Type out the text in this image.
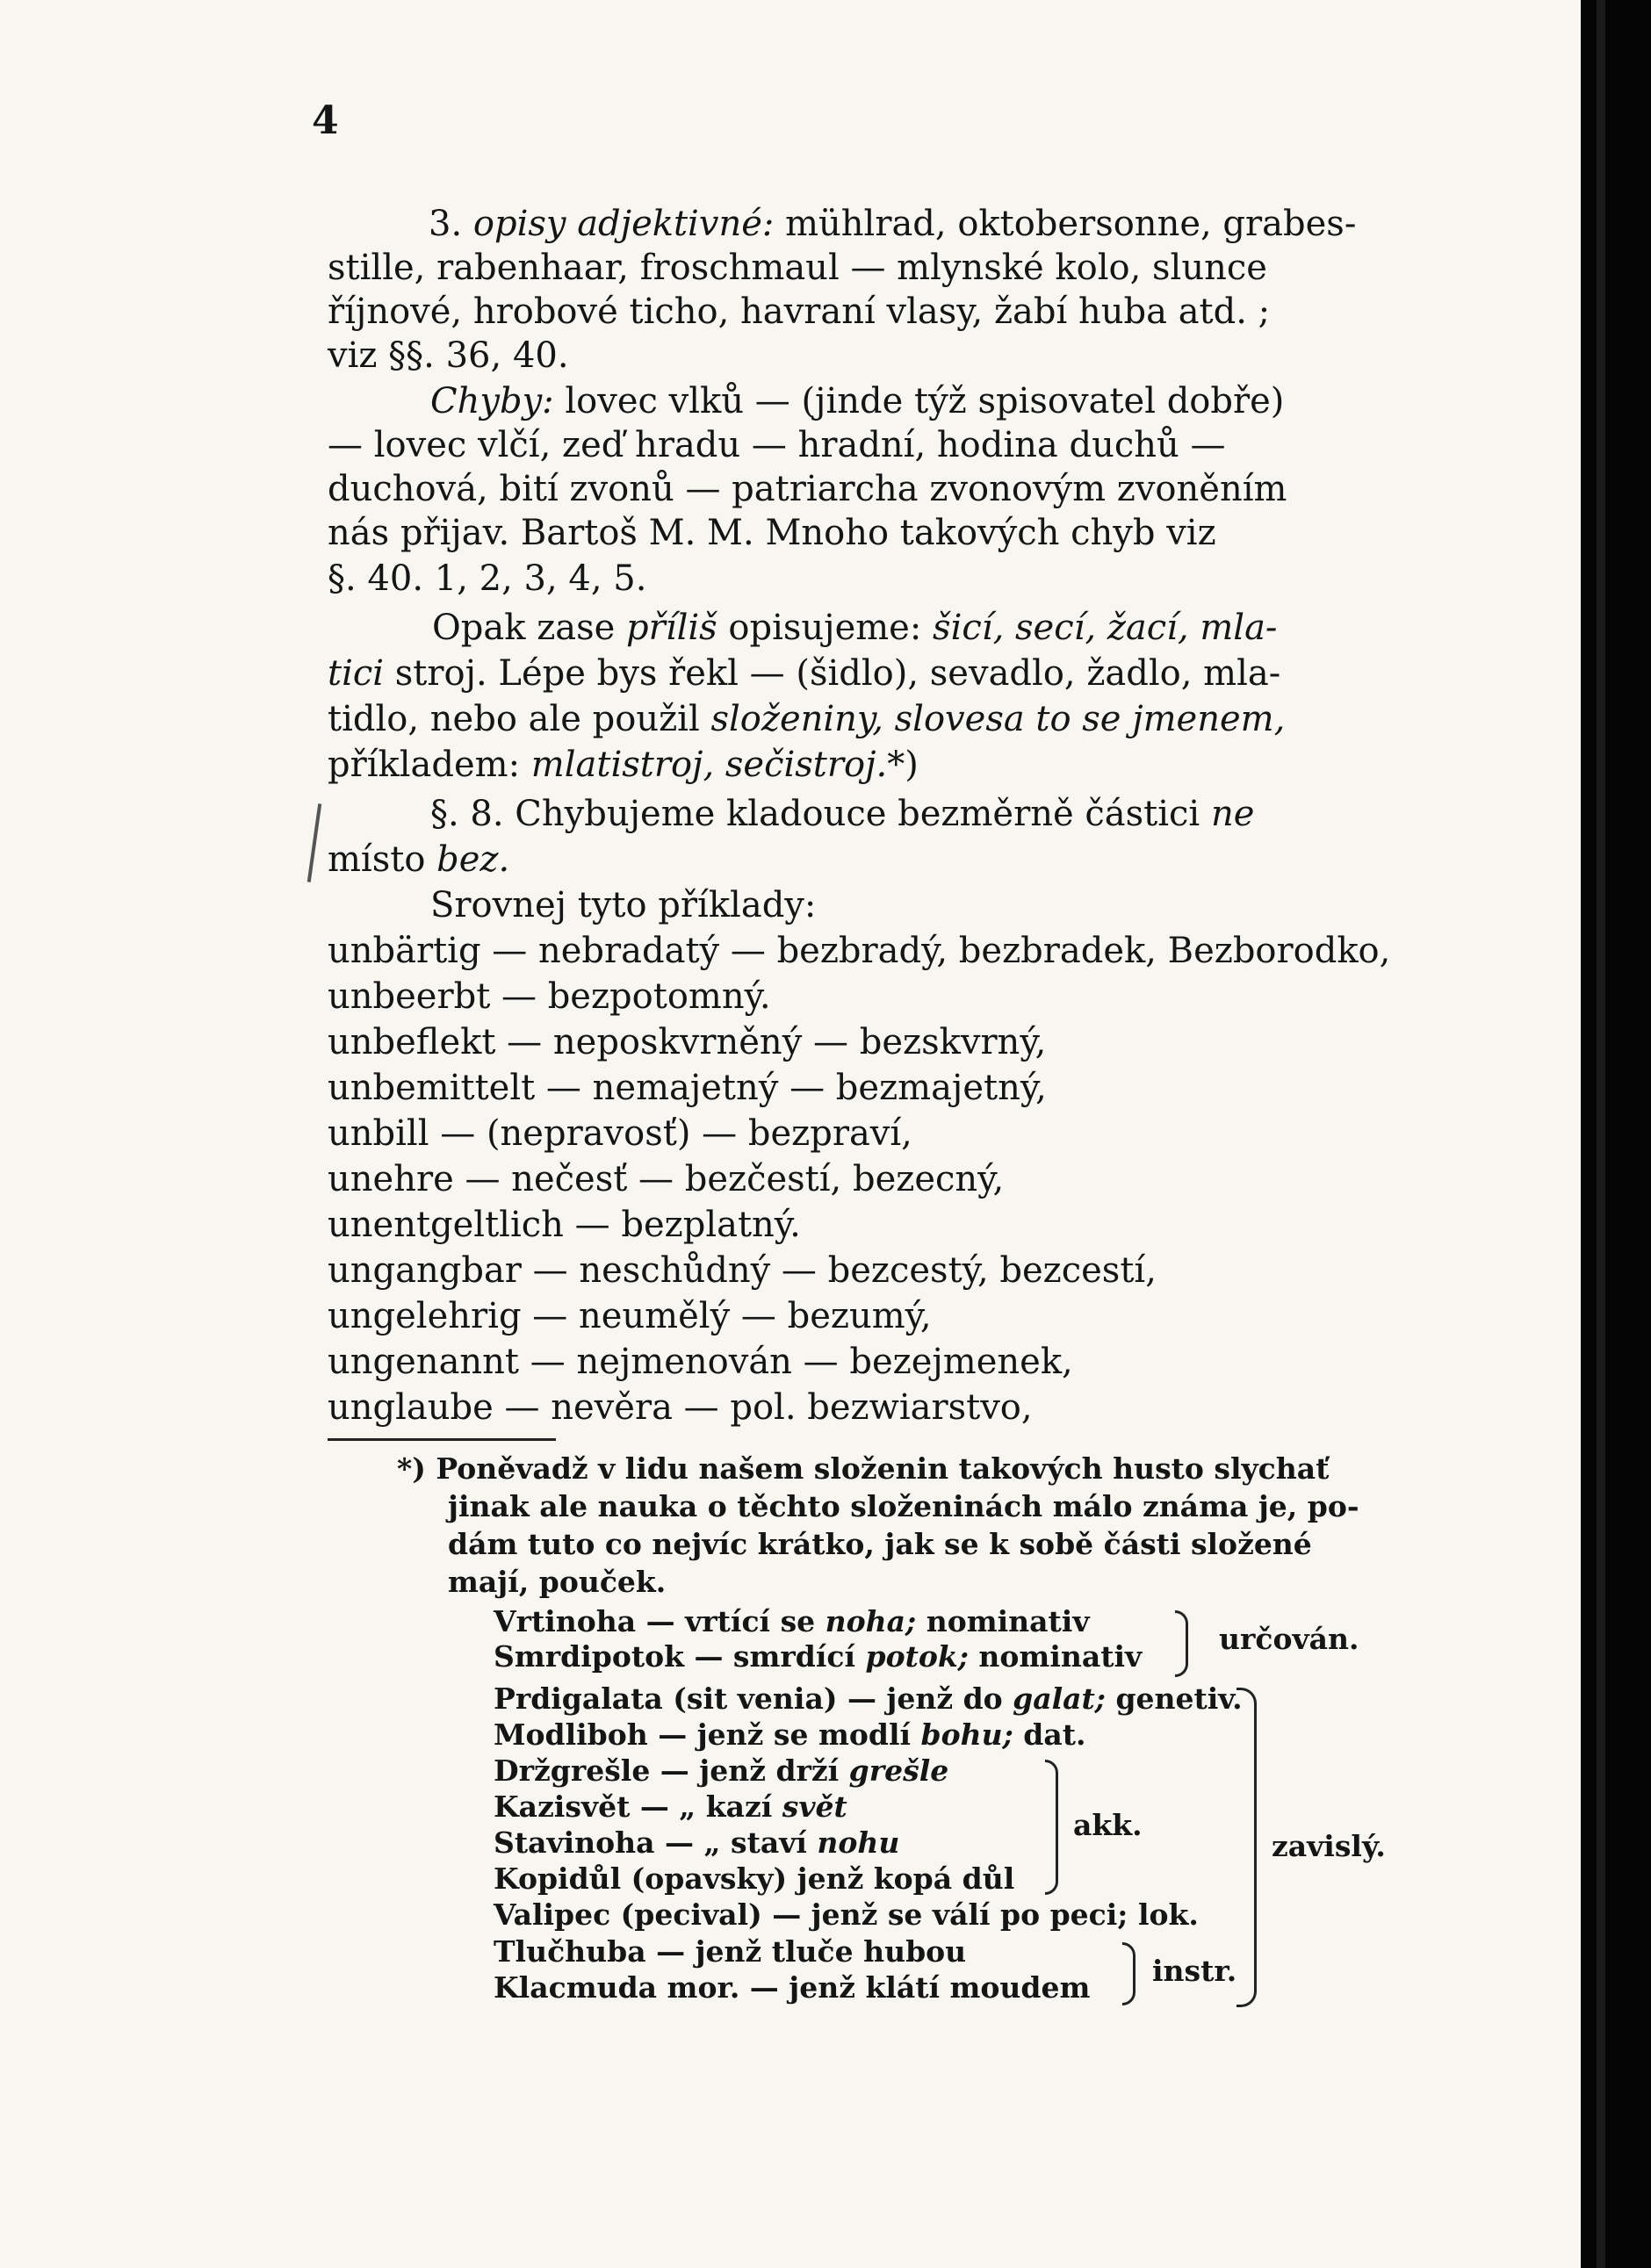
4

3. opisy adjektivné: mühlrad, oktobersonne, grabes-

stille, rabenhaar, froschmaul — mlynské kolo, slunce

říjnové, hrobové ticho, havraní vlasy, žabí huba atd. ;

viz §§. 36, 40.

Chyby: lovec vlků — (jinde týž spisovatel dobře)

— lovec vlčí, zeď hradu — hradní, hodina duchů —

duchová, bití zvonů — patriarcha zvonovým zvoněním

nás přijav. Bartoš M. M. Mnoho takových chyb viz

§. 40. 1, 2, 3, 4, 5.

Opak zase příliš opisujeme: šicí, secí, žací, mla-

tici stroj. Lépe bys řekl — (šidlo), sevadlo, žadlo, mla-

tidlo, nebo ale použil složeniny, slovesa to se jmenem,

příkladem: mlatistroj, sečistroj.*)

§. 8. Chybujeme kladouce bezměrně částici ne

místo bez.

Srovnej tyto příklady:

unbärtig — nebradatý — bezbradý, bezbradek, Bezborodko,

unbeerbt — bezpotomný.

unbeflekt — neposkvrněný — bezskvrný,

unbemittelt — nemajetný — bezmajetný,

unbill — (nepravosť) — bezpraví,

unehre — nečesť — bezčestí, bezecný,

unentgeltlich — bezplatný.

ungangbar — neschůdný — bezcestý, bezcestí,

ungelehrig — neumělý — bezumý,

ungenannt — nejmenován — bezejmenek,

unglaube — nevěra — pol. bezwiarstvo,

*) Poněvadž v lidu našem složenin takových husto slychať

jinak ale nauka o těchto složeninách málo známa je, po-

dám tuto co nejvíc krátko, jak se k sobě části složené

mají, pouček.

Vrtinoha — vrtící se noha; nominativ

Smrdipotok — smrdící potok; nominativ

určován.

Prdigalata (sit venia) — jenž do galat; genetiv.

Modliboh — jenž se modlí bohu; dat.

Držgrešle — jenž drží grešle

Kazisvět — „ kazí svět

Stavinoha — „ staví nohu

Kopidůl (opavsky) jenž kopá důl

akk.

Valipec (pecival) — jenž se válí po peci; lok.

Tlučhuba — jenž tluče hubou

Klacmuda mor. — jenž klátí moudem instr.

zavislý.
